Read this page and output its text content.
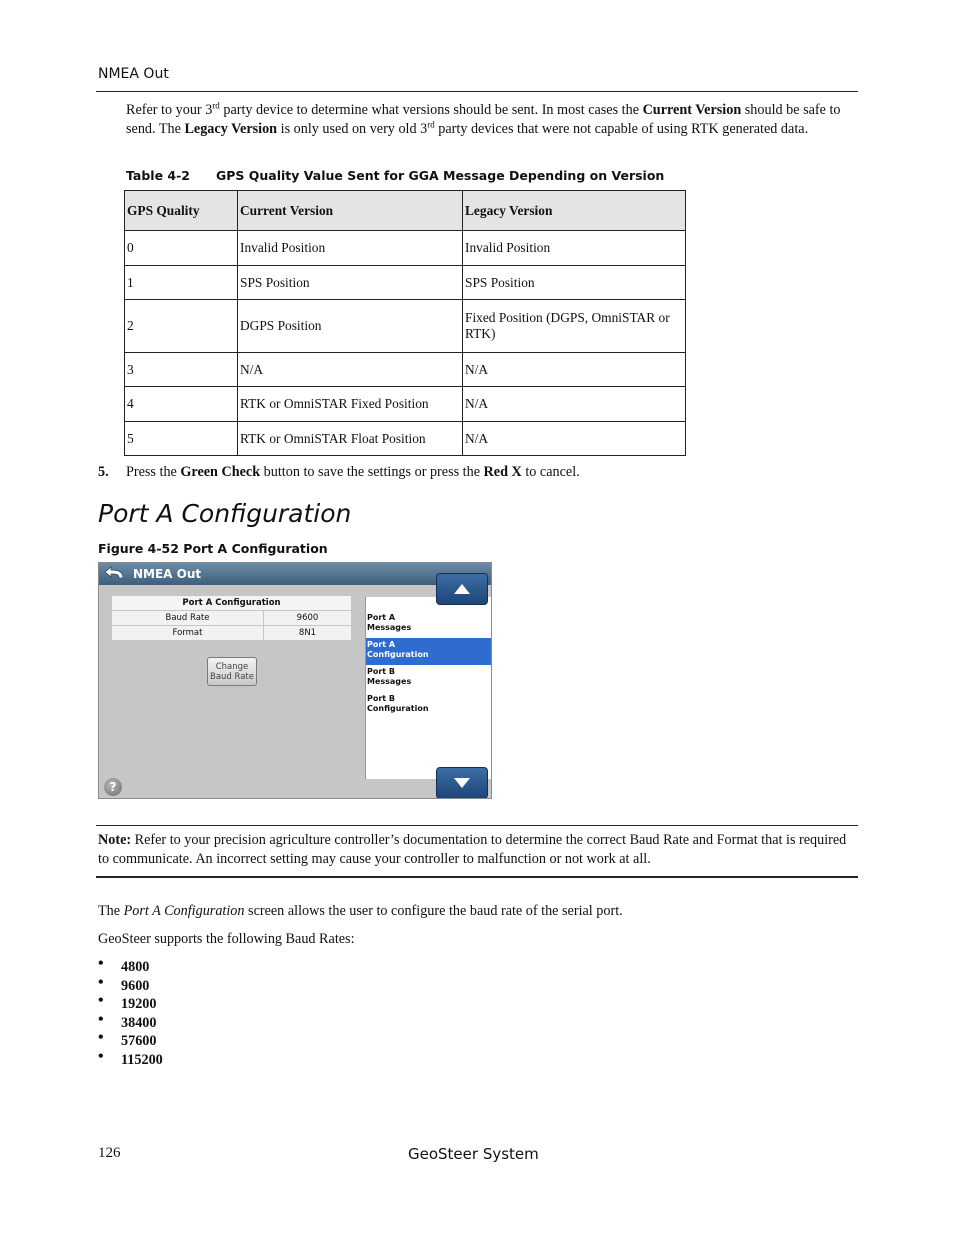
NMEA Out
Refer to your 3rd party device to determine what versions should be sent. In most cases the Current Version should be safe to send. The Legacy Version is only used on very old 3rd party devices that were not capable of using RTK generated data.
Table 4-2 GPS Quality Value Sent for GGA Message Depending on Version
GPS Quality	Current Version	Legacy Version
0	Invalid Position	Invalid Position
1	SPS Position	SPS Position
2	DGPS Position	Fixed Position (DGPS, OmniSTAR or RTK)
3	N/A	N/A
4	RTK or OmniSTAR Fixed Position	N/A
5	RTK or OmniSTAR Float Position	N/A
5. Press the Green Check button to save the settings or press the Red X to cancel.
Port A Configuration
Figure 4-52 Port A Configuration
NMEA Out
Port A Configuration	
Baud Rate	9600
Format	8N1
Change
Baud Rate
Port A
Messages
Port A
Configuration
Port B
Messages
Port B
Configuration
?
Note: Refer to your precision agriculture controller’s documentation to determine the correct Baud Rate and Format that is required to communicate. An incorrect setting may cause your controller to malfunction or not work at all.
The Port A Configuration screen allows the user to configure the baud rate of the serial port.
GeoSteer supports the following Baud Rates:
• 4800
• 9600
• 19200
• 38400
• 57600
• 115200
126	GeoSteer System
